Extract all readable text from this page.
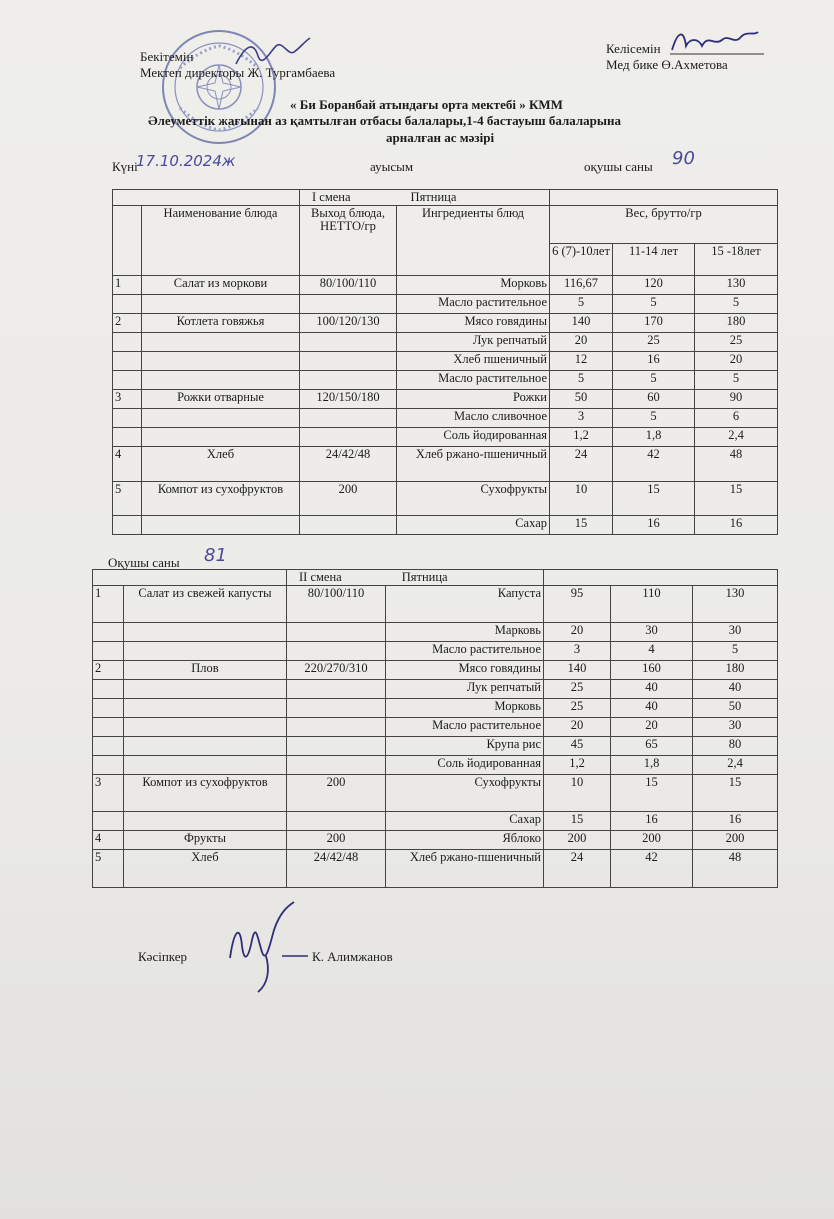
Бекітемін
Мектеп директоры Ж. Тургамбаева
Келісемін
Мед бике Ө.Ахметова
« Би Боранбай атындағы орта мектебі » КММ
Әлеуметтік жағынан аз қамтылған отбасы балалары,1-4 бастауыш балаларына
арналған ас мәзірі
Күні
17.10.2024ж	ауысым	оқушы саны 90
		I смена Пятница				
	Наименование блюда	Выход блюда, НЕТТО/гр	Ингредиенты блюд	Вес, брутто/гр		
				6 (7)-10лет	11-14 лет	15 -18лет
1	Салат из моркови	80/100/110	Морковь	116,67	120	130
			Масло растительное	5	5	5
2	Котлета говяжья	100/120/130	Мясо говядины	140	170	180
			Лук репчатый	20	25	25
			Хлеб пшеничный	12	16	20
			Масло растительное	5	5	5
3	Рожки отварные	120/150/180	Рожки	50	60	90
			Масло сливочное	3	5	6
			Соль йодированная	1,2	1,8	2,4
4	Хлеб	24/42/48	Хлеб ржано-пшеничный	24	42	48
5	Компот из сухофруктов	200	Сухофрукты	10	15	15
			Сахар	15	16	16
Оқушы саны 81
		II смена Пятница				
1	Салат из свежей капусты	80/100/110	Капуста	95	110	130
			Марковь	20	30	30
			Масло растительное	3	4	5
2	Плов	220/270/310	Мясо говядины	140	160	180
			Лук репчатый	25	40	40
			Морковь	25	40	50
			Масло растительное	20	20	30
			Крупа рис	45	65	80
			Соль йодированная	1,2	1,8	2,4
3	Компот из сухофруктов	200	Сухофрукты	10	15	15
			Сахар	15	16	16
4	Фрукты	200	Яблоко	200	200	200
5	Хлеб	24/42/48	Хлеб ржано-пшеничный	24	42	48
Кәсіпкер	К. Алимжанов
